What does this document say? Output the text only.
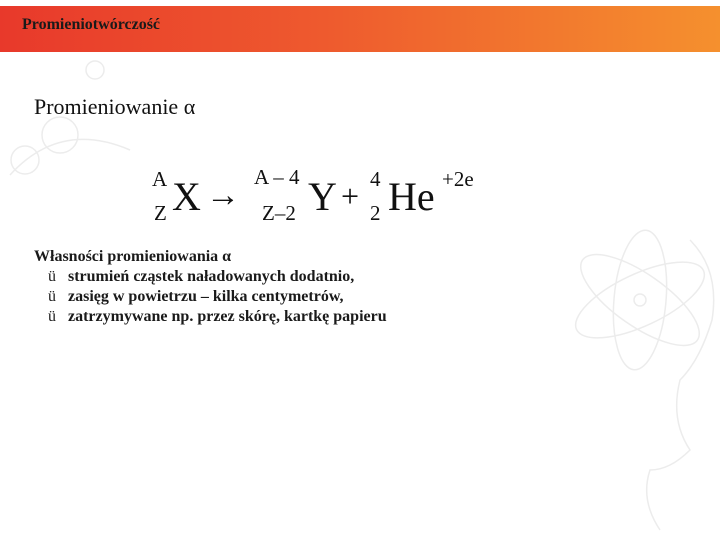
Promieniotwórczość
Promieniowanie α
A
Z X → A – 4
Z–2 Y + 4
2 He +2e
Własności promieniowania α
ü strumień cząstek naładowanych dodatnio,
ü zasięg w powietrzu – kilka centymetrów,
ü zatrzymywane np. przez skórę, kartkę papieru
